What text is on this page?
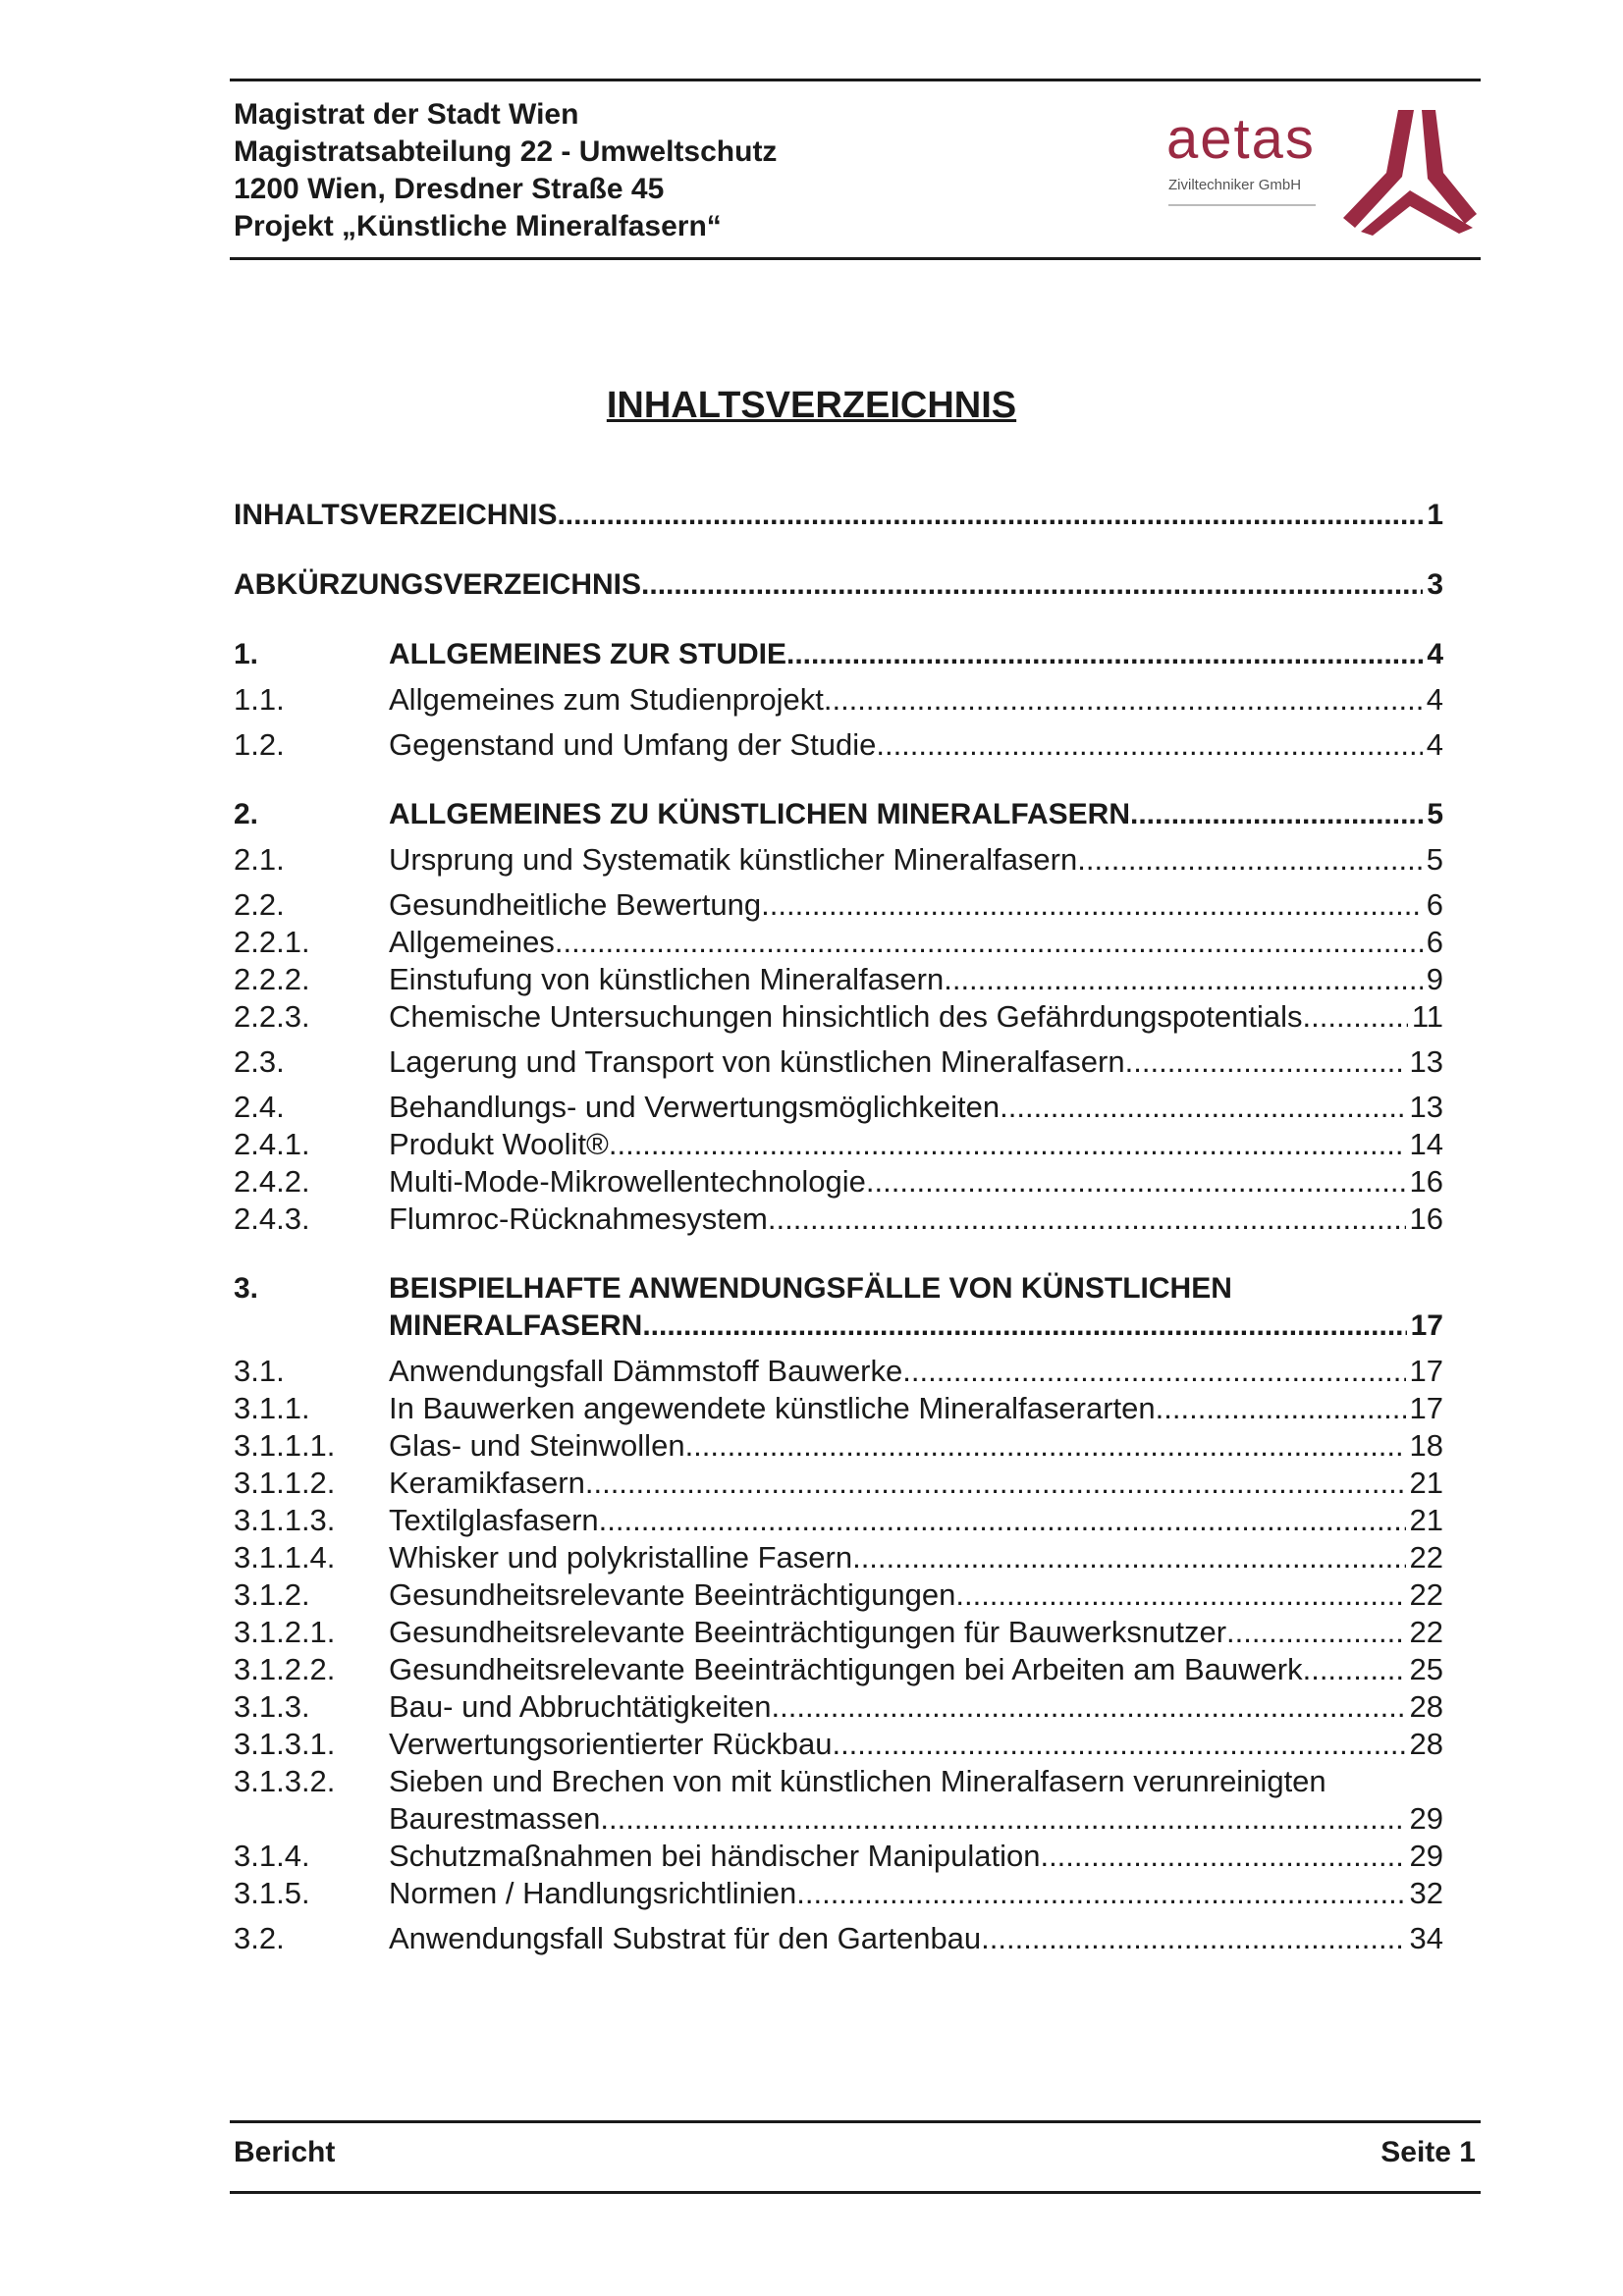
Magistrat der Stadt Wien
Magistratsabteilung 22 - Umweltschutz
1200 Wien, Dresdner Straße 45
Projekt „Künstliche Mineralfasern“
aetas
Ziviltechniker GmbH
INHALTSVERZEICHNIS
INHALTSVERZEICHNIS .....	1
ABKÜRZUNGSVERZEICHNIS .....	3
1.	ALLGEMEINES ZUR STUDIE .....	4
1.1.	Allgemeines zum Studienprojekt .....	4
1.2.	Gegenstand und Umfang der Studie .....	4
2.	ALLGEMEINES ZU KÜNSTLICHEN MINERALFASERN .....	5
2.1.	Ursprung und Systematik künstlicher Mineralfasern .....	5
2.2.	Gesundheitliche Bewertung .....	6
2.2.1.	Allgemeines .....	6
2.2.2.	Einstufung von künstlichen Mineralfasern .....	9
2.2.3.	Chemische Untersuchungen hinsichtlich des Gefährdungspotentials .....	11
2.3.	Lagerung und Transport von künstlichen Mineralfasern .....	13
2.4.	Behandlungs- und Verwertungsmöglichkeiten .....	13
2.4.1.	Produkt Woolit® .....	14
2.4.2.	Multi-Mode-Mikrowellentechnologie .....	16
2.4.3.	Flumroc-Rücknahmesystem .....	16
3.	BEISPIELHAFTE ANWENDUNGSFÄLLE VON KÜNSTLICHEN
MINERALFASERN .....	17
3.1.	Anwendungsfall Dämmstoff Bauwerke .....	17
3.1.1.	In Bauwerken angewendete künstliche Mineralfaserarten .....	17
3.1.1.1.	Glas- und Steinwollen .....	18
3.1.1.2.	Keramikfasern .....	21
3.1.1.3.	Textilglasfasern .....	21
3.1.1.4.	Whisker und polykristalline Fasern .....	22
3.1.2.	Gesundheitsrelevante Beeinträchtigungen .....	22
3.1.2.1.	Gesundheitsrelevante Beeinträchtigungen für Bauwerksnutzer .....	22
3.1.2.2.	Gesundheitsrelevante Beeinträchtigungen bei Arbeiten am Bauwerk .....	25
3.1.3.	Bau- und Abbruchtätigkeiten .....	28
3.1.3.1.	Verwertungsorientierter Rückbau .....	28
3.1.3.2.	Sieben und Brechen von mit künstlichen Mineralfasern verunreinigten
Baurestmassen .....	29
3.1.4.	Schutzmaßnahmen bei händischer Manipulation .....	29
3.1.5.	Normen / Handlungsrichtlinien .....	32
3.2.	Anwendungsfall Substrat für den Gartenbau .....	34
Bericht	Seite 1
